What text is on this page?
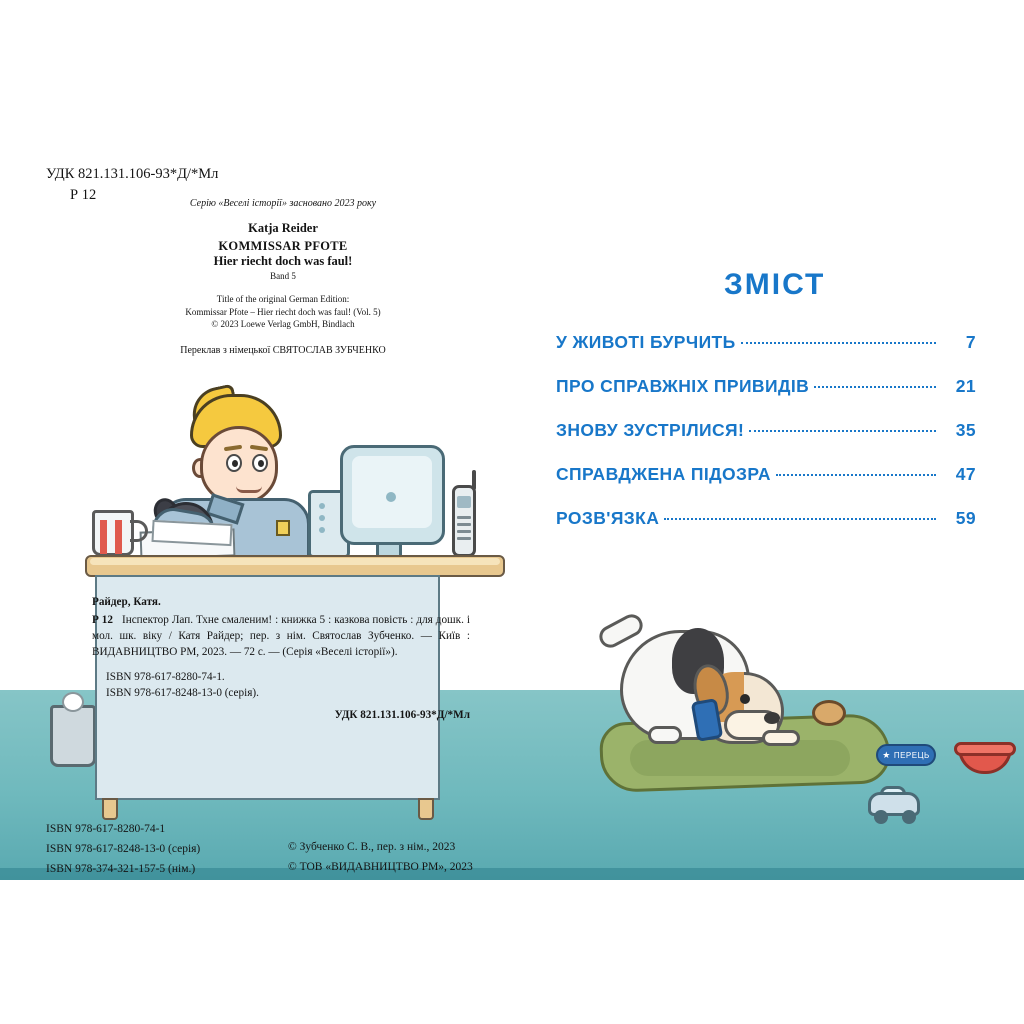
★ ПЕРЕЦЬ
УДК 821.131.106-93*Д/*Мл
Р 12
Серію «Веселі історії» засновано 2023 року
Katja Reider
KOMMISSAR PFOTE
Hier riecht doch was faul!
Band 5
Title of the original German Edition:
Kommissar Pfote – Hier riecht doch was faul! (Vol. 5)
© 2023 Loewe Verlag GmbH, Bindlach
Переклав з німецької СВЯТОСЛАВ ЗУБЧЕНКО
Райдер, Катя.
Р 12 Інспектор Лап. Тхне смаленим! : книжка 5 : казкова повість : для дошк. і мол. шк. віку / Катя Райдер; пер. з нім. Святослав Зубченко. — Київ : ВИДАВНИЦТВО РМ, 2023. — 72 с. — (Серія «Веселі історії»).
ISBN 978-617-8280-74-1.
ISBN 978-617-8248-13-0 (серія).
УДК 821.131.106-93*Д/*Мл
ISBN 978-617-8280-74-1
ISBN 978-617-8248-13-0 (серія)
ISBN 978-374-321-157-5 (нім.)
© Зубченко С. В., пер. з нім., 2023
© ТОВ «ВИДАВНИЦТВО РМ», 2023
ЗМІСТ
У ЖИВОТІ БУРЧИТЬ	7
ПРО СПРАВЖНІХ ПРИВИДІВ	21
ЗНОВУ ЗУСТРІЛИСЯ!	35
СПРАВДЖЕНА ПІДОЗРА	47
РОЗВ'ЯЗКА	59
